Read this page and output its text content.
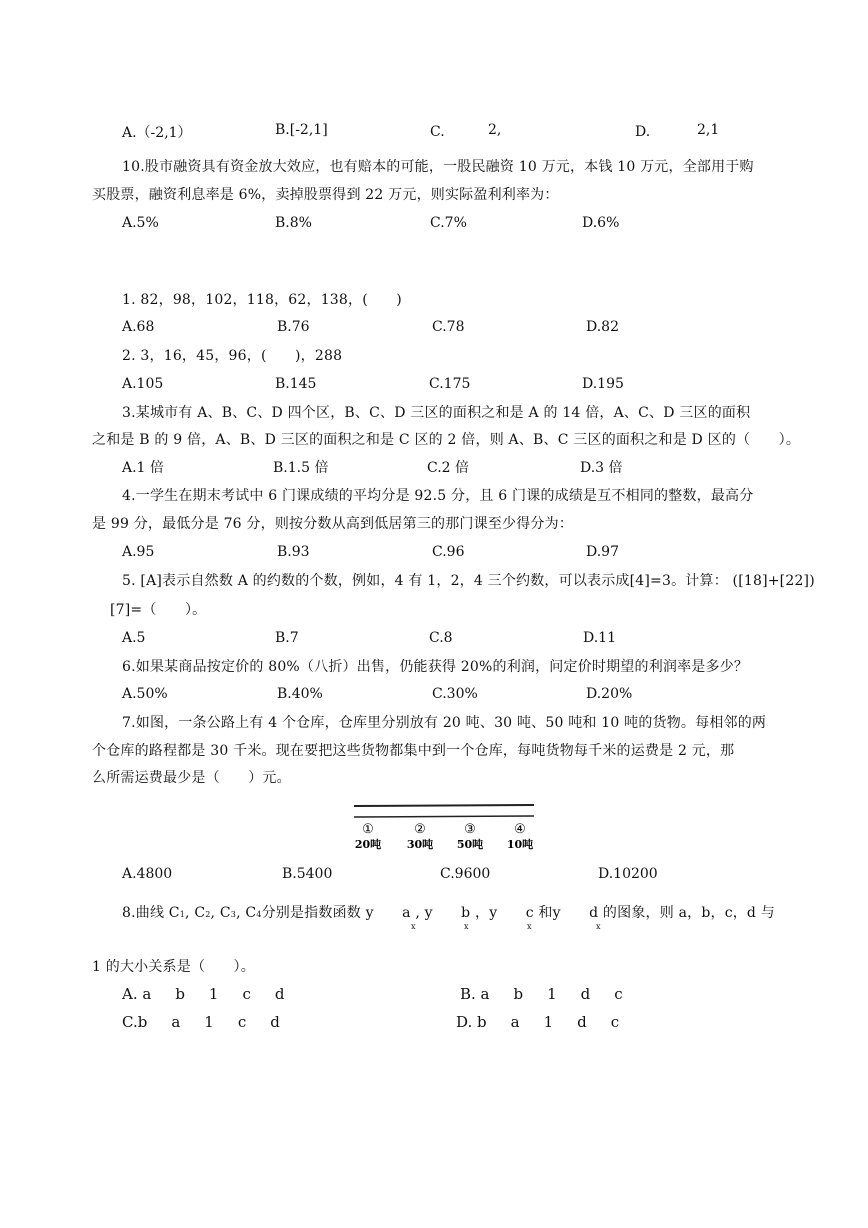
A.（-2,1）	B.[-2,1]	C.	2,	D.	2,1
10.股市融资具有资金放大效应，也有赔本的可能，一股民融资 10 万元，本钱 10 万元，全部用于购
买股票，融资利息率是 6%，卖掉股票得到 22 万元，则实际盈利利率为：
A.5%	B.8%	C.7%	D.6%
1. 82，98，102，118，62，138，(　　)
A.68	B.76	C.78	D.82
2. 3，16，45，96，(　　)，288
A.105	B.145	C.175	D.195
3.某城市有 A、B、C、D 四个区，B、C、D 三区的面积之和是 A 的 14 倍，A、C、D 三区的面积
之和是 B 的 9 倍，A、B、D 三区的面积之和是 C 区的 2 倍，则 A、B、C 三区的面积之和是 D 区的（　　）。
A.1 倍	B.1.5 倍	C.2 倍	D.3 倍
4.一学生在期末考试中 6 门课成绩的平均分是 92.5 分，且 6 门课的成绩是互不相同的整数，最高分
是 99 分，最低分是 76 分，则按分数从高到低居第三的那门课至少得分为：
A.95	B.93	C.96	D.97
5. [A]表示自然数 A 的约数的个数，例如，4 有 1，2，4 三个约数，可以表示成[4]=3。计算： ([18]+[22])
[7]=（　　）。
A.5	B.7	C.8	D.11
6.如果某商品按定价的 80%（八折）出售，仍能获得 20%的利润，问定价时期望的利润率是多少？
A.50%	B.40%	C.30%	D.20%
7.如图，一条公路上有 4 个仓库，仓库里分别放有 20 吨、30 吨、50 吨和 10 吨的货物。每相邻的两
个仓库的路程都是 30 千米。现在要把这些货物都集中到一个仓库，每吨货物每千米的运费是 2 元，那
么所需运费最少是（　　）元。
①	②	③	④
20吨 30吨 50吨 10吨
A.4800	B.5400	C.9600	D.10200
8.曲线 C1, C2, C3, C4分别是指数函数 y　　a , y　　b ，y　　c 和y　　d 的图象，则 a，b，c，d 与
x	x	x	x
1 的大小关系是（　　）。
A. a b 1 c d	B. a b 1 d c
C.b a 1 c d	D. b a 1 d c
